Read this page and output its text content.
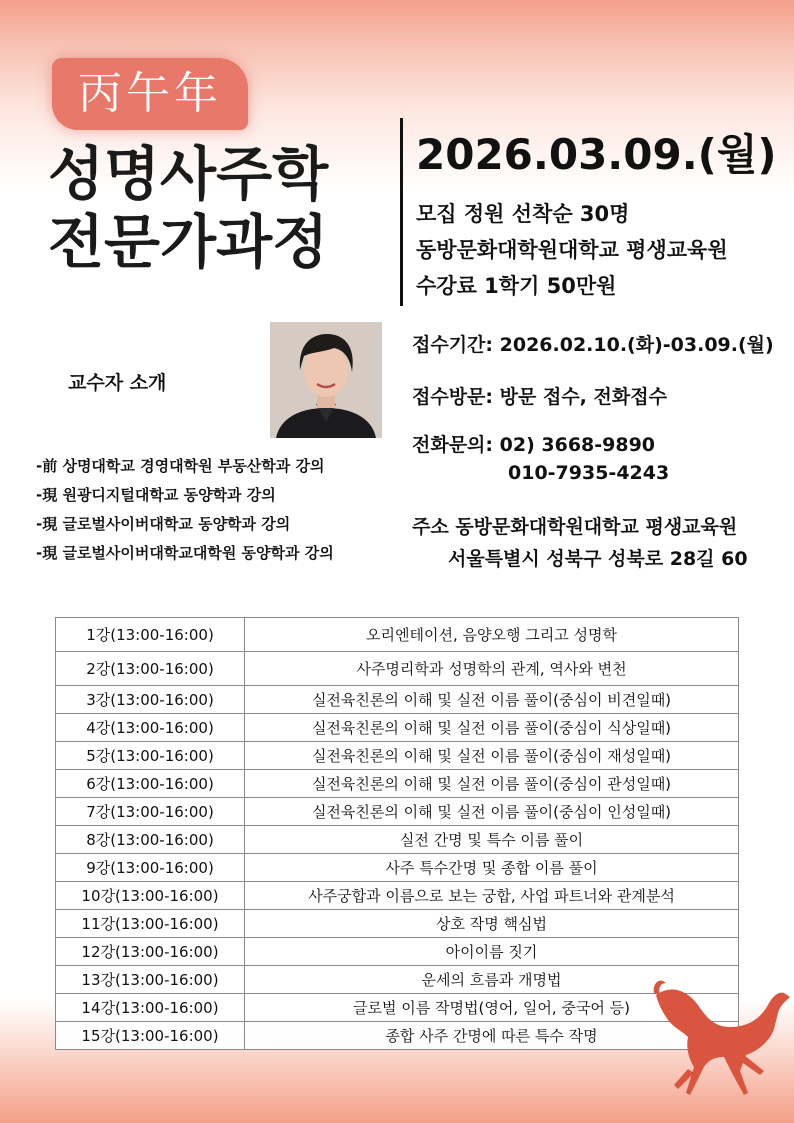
丙午年
성명사주학
전문가과정
2026.03.09.(월)
모집 정원 선착순 30명
동방문화대학원대학교 평생교육원
수강료 1학기 50만원
접수기간: 2026.02.10.(화)-03.09.(월)
접수방문: 방문 접수, 전화접수
전화문의: 02) 3668-9890
010-7935-4243
주소 동방문화대학원대학교 평생교육원
서울특별시 성북구 성북로 28길 60
교수자 소개
-前 상명대학교 경영대학원 부동산학과 강의
-現 원광디지털대학교 동양학과 강의
-現 글로벌사이버대학교 동양학과 강의
-現 글로벌사이버대학교대학원 동양학과 강의
1강(13:00-16:00)	오리엔테이션, 음양오행 그리고 성명학
2강(13:00-16:00)	사주명리학과 성명학의 관계, 역사와 변천
3강(13:00-16:00)	실전육친론의 이해 및 실전 이름 풀이(중심이 비견일때)
4강(13:00-16:00)	실전육친론의 이해 및 실전 이름 풀이(중심이 식상일때)
5강(13:00-16:00)	실전육친론의 이해 및 실전 이름 풀이(중심이 재성일때)
6강(13:00-16:00)	실전육친론의 이해 및 실전 이름 풀이(중심이 관성일때)
7강(13:00-16:00)	실전육친론의 이해 및 실전 이름 풀이(중심이 인성일때)
8강(13:00-16:00)	실전 간명 및 특수 이름 풀이
9강(13:00-16:00)	사주 특수간명 및 종합 이름 풀이
10강(13:00-16:00)	사주궁합과 이름으로 보는 궁합, 사업 파트너와 관계분석
11강(13:00-16:00)	상호 작명 핵심법
12강(13:00-16:00)	아이이름 짓기
13강(13:00-16:00)	운세의 흐름과 개명법
14강(13:00-16:00)	글로벌 이름 작명법(영어, 일어, 중국어 등)
15강(13:00-16:00)	종합 사주 간명에 따른 특수 작명
